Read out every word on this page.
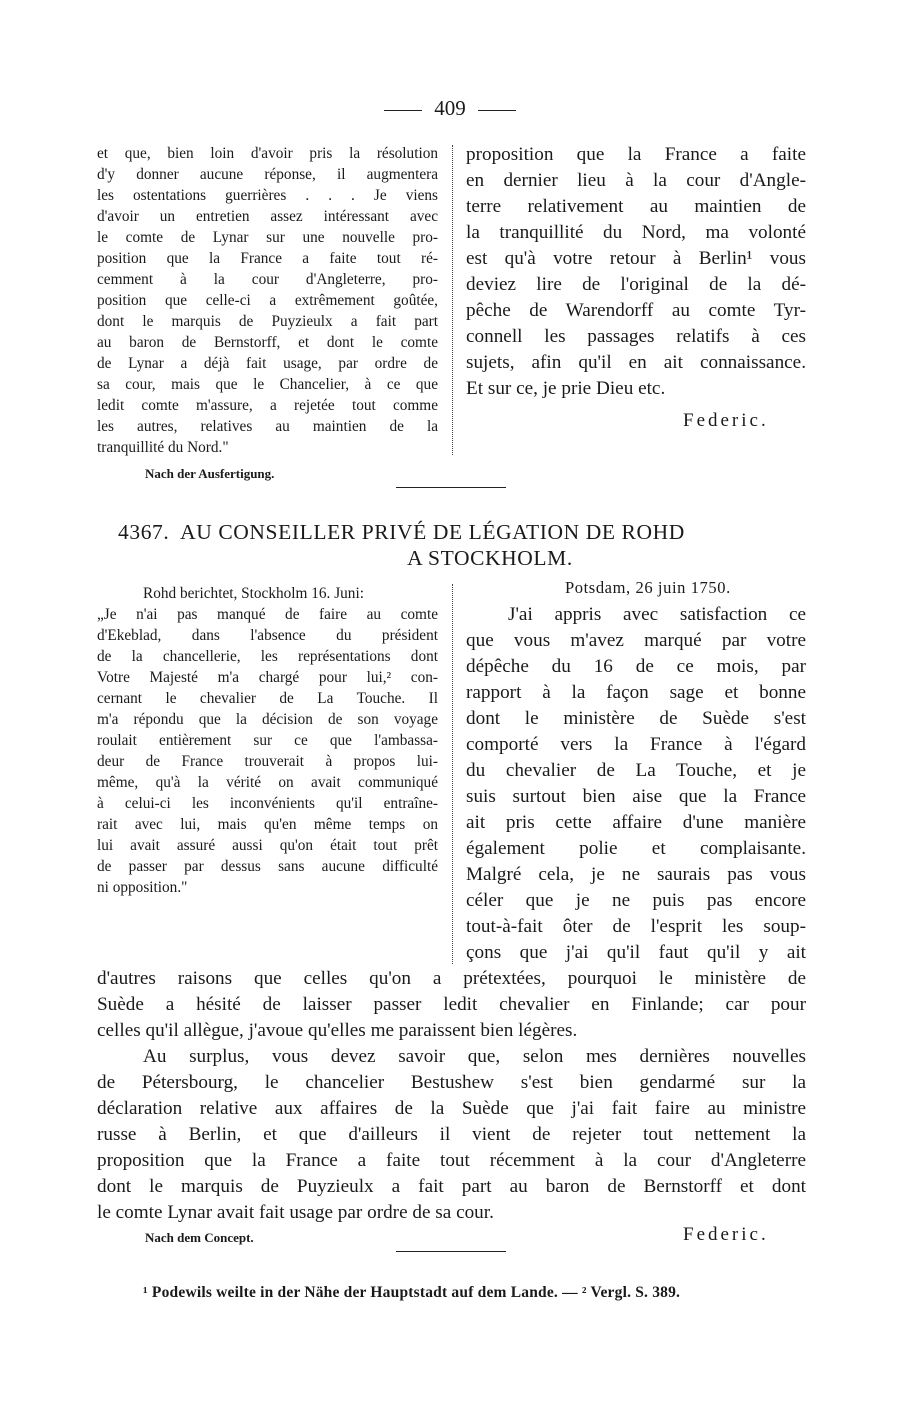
409
et que, bien loin d'avoir pris la résolution
d'y donner aucune réponse, il augmentera
les ostentations guerrières . . . Je viens
d'avoir un entretien assez intéressant avec
le comte de Lynar sur une nouvelle pro-
position que la France a faite tout ré-
cemment à la cour d'Angleterre, pro-
position que celle-ci a extrêmement goûtée,
dont le marquis de Puyzieulx a fait part
au baron de Bernstorff, et dont le comte
de Lynar a déjà fait usage, par ordre de
sa cour, mais que le Chancelier, à ce que
ledit comte m'assure, a rejetée tout comme
les autres, relatives au maintien de la
tranquillité du Nord."
Nach der Ausfertigung.
proposition que la France a faite
en dernier lieu à la cour d'Angle-
terre relativement au maintien de
la tranquillité du Nord, ma volonté
est qu'à votre retour à Berlin¹ vous
deviez lire de l'original de la dé-
pêche de Warendorff au comte Tyr-
connell les passages relatifs à ces
sujets, afin qu'il en ait connaissance.
Et sur ce, je prie Dieu etc.
Federic.
4367.  AU CONSEILLER PRIVÉ DE LÉGATION DE ROHD
A STOCKHOLM.
Rohd berichtet, Stockholm 16. Juni:
„Je n'ai pas manqué de faire au comte
d'Ekeblad, dans l'absence du président
de la chancellerie, les représentations dont
Votre Majesté m'a chargé pour lui,² con-
cernant le chevalier de La Touche. Il
m'a répondu que la décision de son voyage
roulait entièrement sur ce que l'ambassa-
deur de France trouverait à propos lui-
même, qu'à la vérité on avait communiqué
à celui-ci les inconvénients qu'il entraîne-
rait avec lui, mais qu'en même temps on
lui avait assuré aussi qu'on était tout prêt
de passer par dessus sans aucune difficulté
ni opposition."
Potsdam, 26 juin 1750.
J'ai appris avec satisfaction ce
que vous m'avez marqué par votre
dépêche du 16 de ce mois, par
rapport à la façon sage et bonne
dont le ministère de Suède s'est
comporté vers la France à l'égard
du chevalier de La Touche, et je
suis surtout bien aise que la France
ait pris cette affaire d'une manière
également polie et complaisante.
Malgré cela, je ne saurais pas vous
céler que je ne puis pas encore
tout-à-fait ôter de l'esprit les soup-
çons que j'ai qu'il faut qu'il y ait
d'autres raisons que celles qu'on a prétextées, pourquoi le ministère de
Suède a hésité de laisser passer ledit chevalier en Finlande; car pour
celles qu'il allègue, j'avoue qu'elles me paraissent bien légères.
Au surplus, vous devez savoir que, selon mes dernières nouvelles
de Pétersbourg, le chancelier Bestushew s'est bien gendarmé sur la
déclaration relative aux affaires de la Suède que j'ai fait faire au ministre
russe à Berlin, et que d'ailleurs il vient de rejeter tout nettement la
proposition que la France a faite tout récemment à la cour d'Angleterre
dont le marquis de Puyzieulx a fait part au baron de Bernstorff et dont
le comte Lynar avait fait usage par ordre de sa cour.
Nach dem Concept.	Federic.
¹ Podewils weilte in der Nähe der Hauptstadt auf dem Lande. — ² Vergl. S. 389.
